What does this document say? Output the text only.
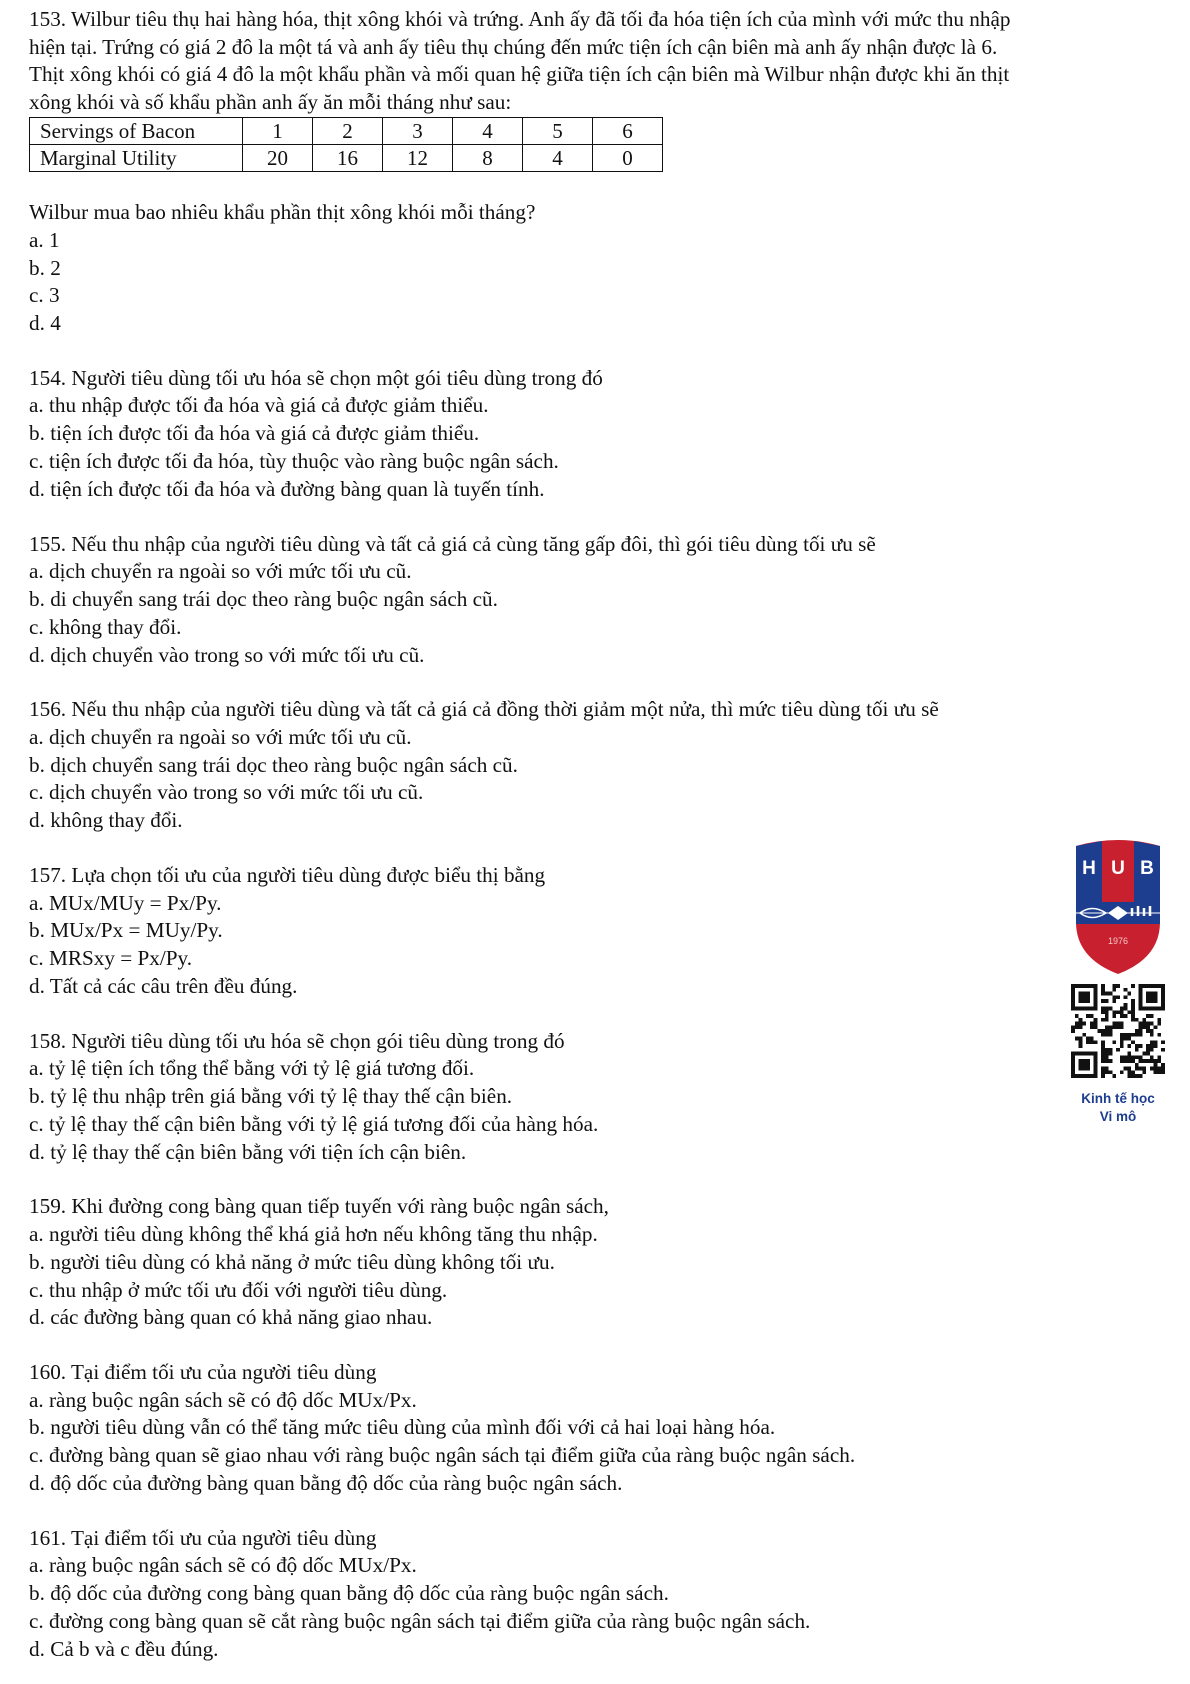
153. Wilbur tiêu thụ hai hàng hóa, thịt xông khói và trứng. Anh ấy đã tối đa hóa tiện ích của mình với mức thu nhập

hiện tại. Trứng có giá 2 đô la một tá và anh ấy tiêu thụ chúng đến mức tiện ích cận biên mà anh ấy nhận được là 6.

Thịt xông khói có giá 4 đô la một khẩu phần và mối quan hệ giữa tiện ích cận biên mà Wilbur nhận được khi ăn thịt

xông khói và số khẩu phần anh ấy ăn mỗi tháng như sau:

Servings of Bacon	1	2	3	4	5	6
Marginal Utility	20	16	12	8	4	0

Wilbur mua bao nhiêu khẩu phần thịt xông khói mỗi tháng?

a. 1

b. 2

c. 3

d. 4

154. Người tiêu dùng tối ưu hóa sẽ chọn một gói tiêu dùng trong đó

a. thu nhập được tối đa hóa và giá cả được giảm thiểu.

b. tiện ích được tối đa hóa và giá cả được giảm thiểu.

c. tiện ích được tối đa hóa, tùy thuộc vào ràng buộc ngân sách.

d. tiện ích được tối đa hóa và đường bàng quan là tuyến tính.

155. Nếu thu nhập của người tiêu dùng và tất cả giá cả cùng tăng gấp đôi, thì gói tiêu dùng tối ưu sẽ

a. dịch chuyển ra ngoài so với mức tối ưu cũ.

b. di chuyển sang trái dọc theo ràng buộc ngân sách cũ.

c. không thay đổi.

d. dịch chuyển vào trong so với mức tối ưu cũ.

156. Nếu thu nhập của người tiêu dùng và tất cả giá cả đồng thời giảm một nửa, thì mức tiêu dùng tối ưu sẽ

a. dịch chuyển ra ngoài so với mức tối ưu cũ.

b. dịch chuyển sang trái dọc theo ràng buộc ngân sách cũ.

c. dịch chuyển vào trong so với mức tối ưu cũ.

d. không thay đổi.

157. Lựa chọn tối ưu của người tiêu dùng được biểu thị bằng

a. MUx/MUy = Px/Py.

b. MUx/Px = MUy/Py.

c. MRSxy = Px/Py.

d. Tất cả các câu trên đều đúng.

158. Người tiêu dùng tối ưu hóa sẽ chọn gói tiêu dùng trong đó

a. tỷ lệ tiện ích tổng thể bằng với tỷ lệ giá tương đối.

b. tỷ lệ thu nhập trên giá bằng với tỷ lệ thay thế cận biên.

c. tỷ lệ thay thế cận biên bằng với tỷ lệ giá tương đối của hàng hóa.

d. tỷ lệ thay thế cận biên bằng với tiện ích cận biên.

159. Khi đường cong bàng quan tiếp tuyến với ràng buộc ngân sách,

a. người tiêu dùng không thể khá giả hơn nếu không tăng thu nhập.

b. người tiêu dùng có khả năng ở mức tiêu dùng không tối ưu.

c. thu nhập ở mức tối ưu đối với người tiêu dùng.

d. các đường bàng quan có khả năng giao nhau.

160. Tại điểm tối ưu của người tiêu dùng

a. ràng buộc ngân sách sẽ có độ dốc MUx/Px.

b. người tiêu dùng vẫn có thể tăng mức tiêu dùng của mình đối với cả hai loại hàng hóa.

c. đường bàng quan sẽ giao nhau với ràng buộc ngân sách tại điểm giữa của ràng buộc ngân sách.

d. độ dốc của đường bàng quan bằng độ dốc của ràng buộc ngân sách.

161. Tại điểm tối ưu của người tiêu dùng

a. ràng buộc ngân sách sẽ có độ dốc MUx/Px.

b. độ dốc của đường cong bàng quan bằng độ dốc của ràng buộc ngân sách.

c. đường cong bàng quan sẽ cắt ràng buộc ngân sách tại điểm giữa của ràng buộc ngân sách.

d. Cả b và c đều đúng.

H U B
1976
Kinh tế học
Vi mô
